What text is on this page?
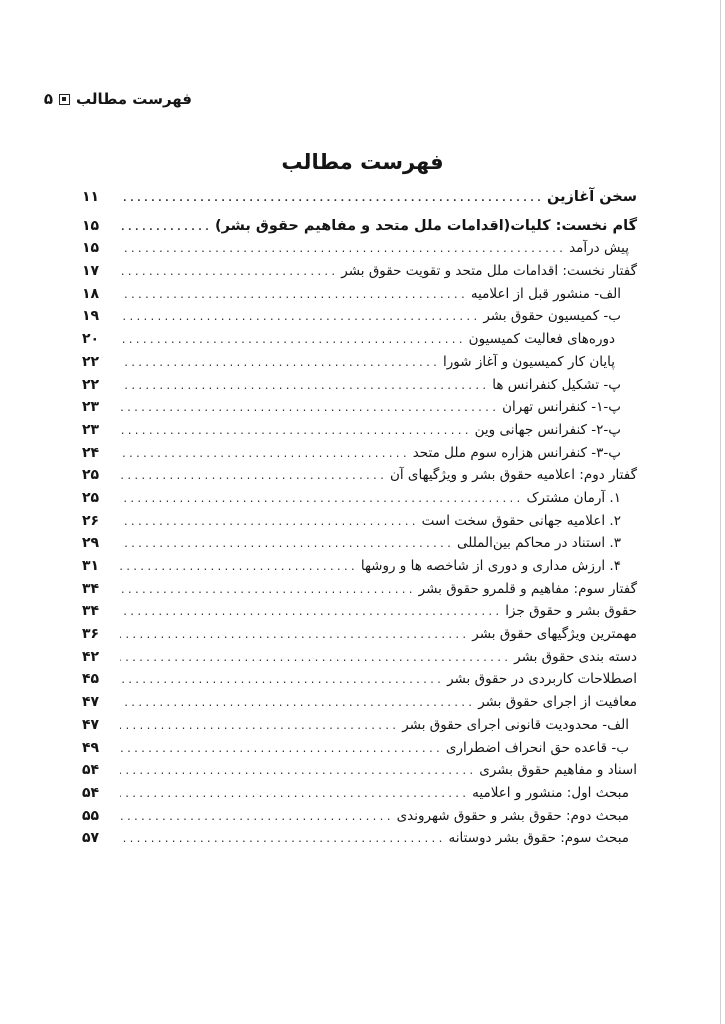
فهرست مطالب
۵
فهرست مطالب
سخن آغازین
.....
۱۱
گام نخست: کلیات(اقدامات ملل متحد و مفاهیم حقوق بشر)
.....
۱۵
پیش درآمد
.....
۱۵
گفتار نخست: اقدامات ملل متحد و تقویت حقوق بشر
.....
۱۷
الف- منشور قبل از اعلامیه
.....
۱۸
ب- کمیسیون حقوق بشر
.....
۱۹
دوره‌های فعالیت کمیسیون
.....
۲۰
پایان کار کمیسیون و آغاز شورا
.....
۲۲
پ- تشکیل کنفرانس ها
.....
۲۲
پ-۱- کنفرانس تهران
.....
۲۳
پ-۲- کنفرانس جهانی وین
.....
۲۳
پ-۳- کنفرانس هزاره سوم ملل متحد
.....
۲۴
گفتار دوم: اعلامیه حقوق بشر و ویژگیهای آن
.....
۲۵
۱. آرمان مشترک
.....
۲۵
۲. اعلامیه جهانی حقوق سخت است
.....
۲۶
۳. استناد در محاکم بین‌المللی
.....
۲۹
۴. ارزش مداری و دوری از شاخصه ها و روشها
.....
۳۱
گفتار سوم: مفاهیم و قلمرو حقوق بشر
.....
۳۴
حقوق بشر و حقوق جزا
.....
۳۴
مهمترین ویژگیهای حقوق بشر
.....
۳۶
دسته بندی حقوق بشر
.....
۴۲
اصطلاحات کاربردی در حقوق بشر
.....
۴۵
معافیت از اجرای حقوق بشر
.....
۴۷
الف- محدودیت قانونی اجرای حقوق بشر
.....
۴۷
ب- قاعده حق انحراف اضطراری
.....
۴۹
اسناد و مفاهیم حقوق بشری
.....
۵۴
مبحث اول: منشور و اعلامیه
.....
۵۴
مبحث دوم: حقوق بشر و حقوق شهروندی
.....
۵۵
مبحث سوم: حقوق بشر دوستانه
.....
۵۷
